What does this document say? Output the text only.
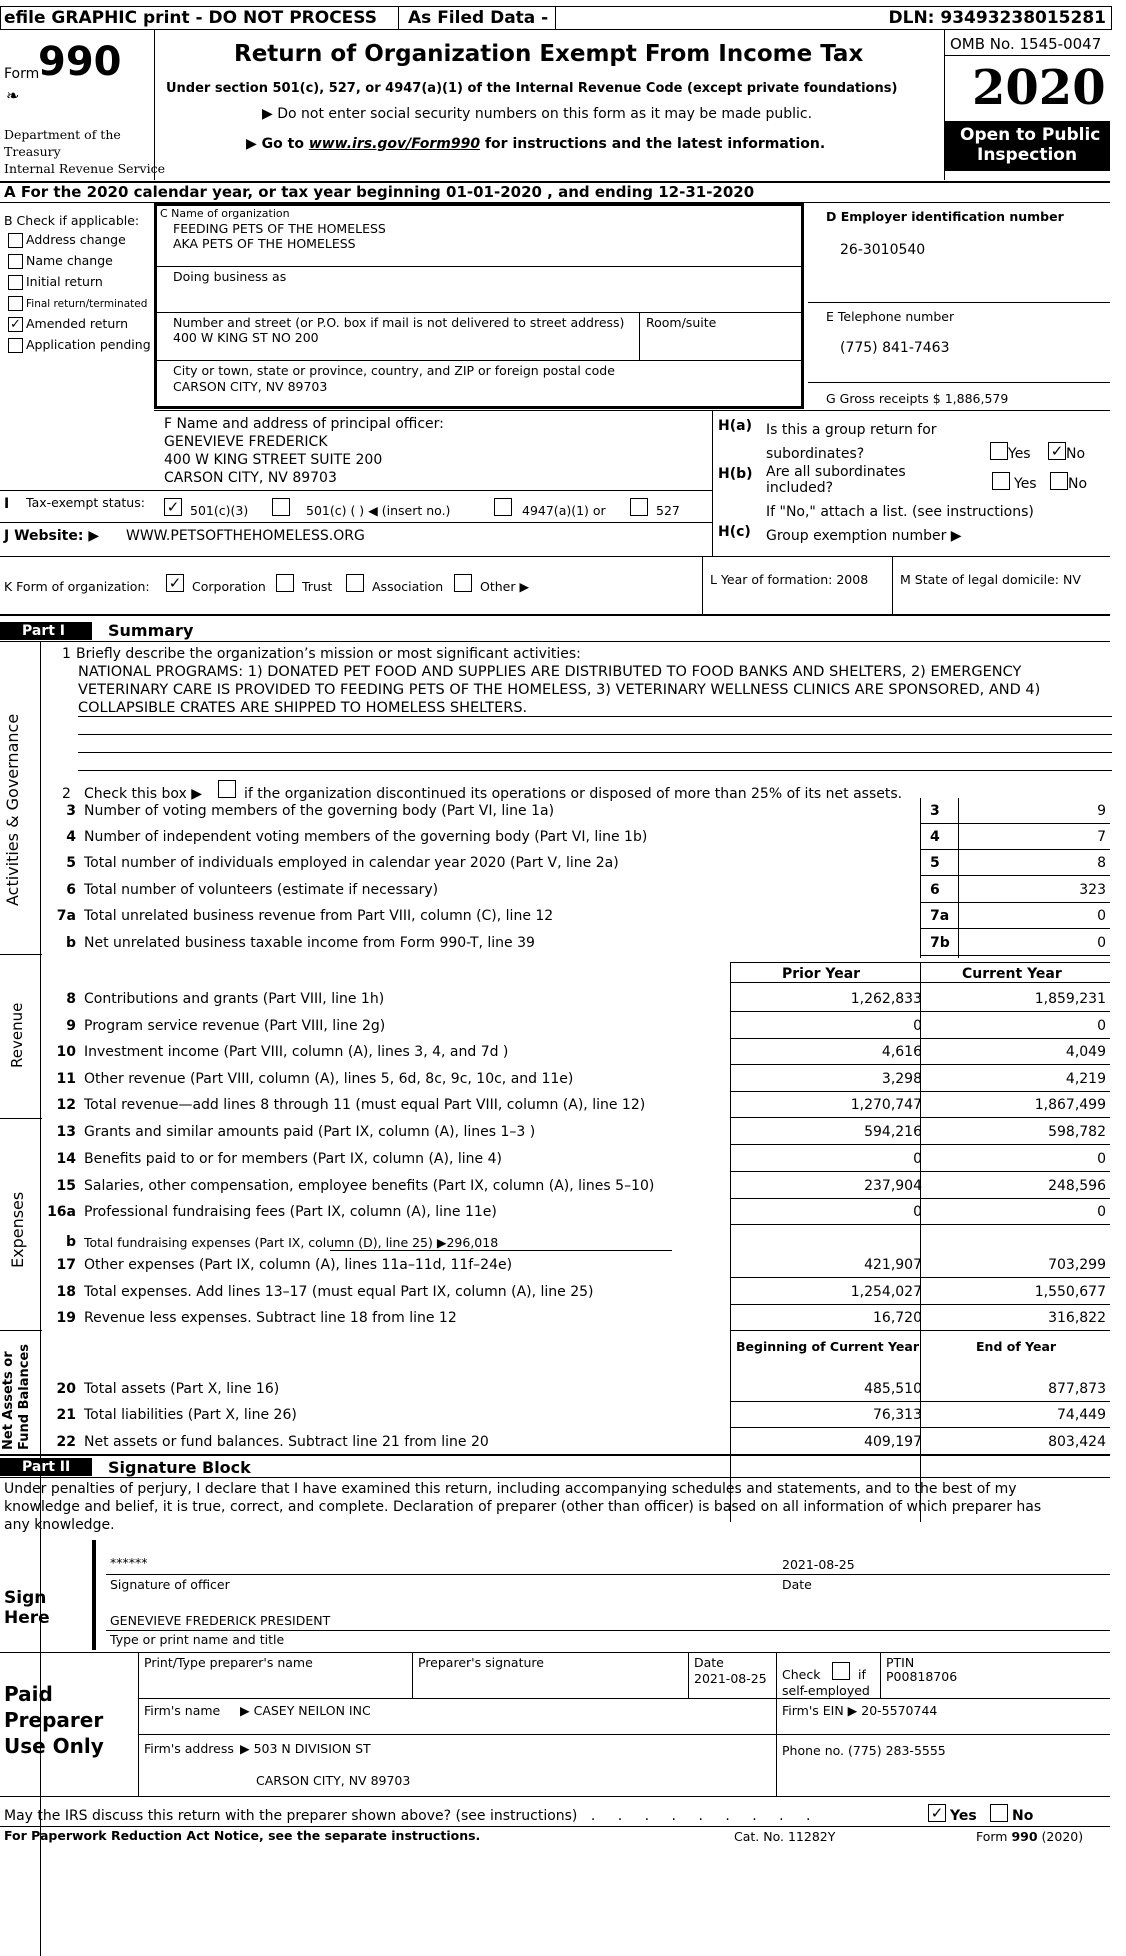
efile GRAPHIC print - DO NOT PROCESS As Filed Data -	DLN: 93493238015281
Form
990
❧
Department of the
Treasury
Internal Revenue Service
Return of Organization Exempt From Income Tax
Under section 501(c), 527, or 4947(a)(1) of the Internal Revenue Code (except private foundations)
▶ Do not enter social security numbers on this form as it may be made public.
▶ Go to www.irs.gov/Form990 for instructions and the latest information.
OMB No. 1545-0047
2020
Open to Public
Inspection
A For the 2020 calendar year, or tax year beginning 01-01-2020 , and ending 12-31-2020
B Check if applicable:
Address change
Name change
Initial return
Final return/terminated
✓ Amended return
Application pending
C Name of organization
FEEDING PETS OF THE HOMELESS
AKA PETS OF THE HOMELESS
Doing business as
Number and street (or P.O. box if mail is not delivered to street address) Room/suite
400 W KING ST NO 200
City or town, state or province, country, and ZIP or foreign postal code
CARSON CITY, NV 89703
D Employer identification number
26-3010540
E Telephone number
(775) 841-7463
G Gross receipts $ 1,886,579
F Name and address of principal officer:
GENEVIEVE FREDERICK
400 W KING STREET SUITE 200
CARSON CITY, NV 89703
H(a) Is this a group return for
subordinates?	Yes ✓ No
H(b) Are all subordinates
included?	Yes No
If "No," attach a list. (see instructions)
H(c) Group exemption number ▶
I Tax-exempt status: ✓ 501(c)(3)	501(c) ( ) ◀ (insert no.)	4947(a)(1) or	527
J Website: ▶ WWW.PETSOFTHEHOMELESS.ORG
K Form of organization: ✓ Corporation	Trust	Association	Other ▶	L Year of formation: 2008	M State of legal domicile: NV
Part I	Summary
Activities & Governance
Revenue
Expenses
Net Assets or Fund Balances
1 Briefly describe the organization’s mission or most significant activities:
NATIONAL PROGRAMS: 1) DONATED PET FOOD AND SUPPLIES ARE DISTRIBUTED TO FOOD BANKS AND SHELTERS, 2) EMERGENCY
VETERINARY CARE IS PROVIDED TO FEEDING PETS OF THE HOMELESS, 3) VETERINARY WELLNESS CLINICS ARE SPONSORED, AND 4)
COLLAPSIBLE CRATES ARE SHIPPED TO HOMELESS SHELTERS.
2 Check this box ▶	if the organization discontinued its operations or disposed of more than 25% of its net assets.
3 Number of voting members of the governing body (Part VI, line 1a)	3	9
4 Number of independent voting members of the governing body (Part VI, line 1b)	4	7
5 Total number of individuals employed in calendar year 2020 (Part V, line 2a)	5	8
6 Total number of volunteers (estimate if necessary)	6	323
7a Total unrelated business revenue from Part VIII, column (C), line 12	7a	0
b Net unrelated business taxable income from Form 990-T, line 39	7b	0
Prior Year	Current Year
8 Contributions and grants (Part VIII, line 1h)	1,262,833	1,859,231
9 Program service revenue (Part VIII, line 2g)	0	0
10 Investment income (Part VIII, column (A), lines 3, 4, and 7d )	4,616	4,049
11 Other revenue (Part VIII, column (A), lines 5, 6d, 8c, 9c, 10c, and 11e)	3,298	4,219
12 Total revenue—add lines 8 through 11 (must equal Part VIII, column (A), line 12)	1,270,747	1,867,499
13 Grants and similar amounts paid (Part IX, column (A), lines 1–3 )	594,216	598,782
14 Benefits paid to or for members (Part IX, column (A), line 4)	0	0
15 Salaries, other compensation, employee benefits (Part IX, column (A), lines 5–10)	237,904	248,596
16a Professional fundraising fees (Part IX, column (A), line 11e)	0	0
17 Other expenses (Part IX, column (A), lines 11a–11d, 11f–24e)	421,907	703,299
18 Total expenses. Add lines 13–17 (must equal Part IX, column (A), line 25)	1,254,027	1,550,677
19 Revenue less expenses. Subtract line 18 from line 12	16,720	316,822
20 Total assets (Part X, line 16)	485,510	877,873
21 Total liabilities (Part X, line 26)	76,313	74,449
22 Net assets or fund balances. Subtract line 21 from line 20	409,197	803,424
b Total fundraising expenses (Part IX, column (D), line 25) ▶296,018
Beginning of Current Year	End of Year
Part II	Signature Block
Under penalties of perjury, I declare that I have examined this return, including accompanying schedules and statements, and to the best of my
knowledge and belief, it is true, correct, and complete. Declaration of preparer (other than officer) is based on all information of which preparer has
any knowledge.
Sign
Here
******	2021-08-25
Signature of officer	Date
GENEVIEVE FREDERICK PRESIDENT
Type or print name and title
Paid
Preparer
Use Only
Print/Type preparer's name	Preparer's signature	Date
2021-08-25 Check	if
self-employed
PTIN
P00818706
Firm's name ▶ CASEY NEILON INC	Firm's EIN ▶ 20-5570744
Firm's address ▶ 503 N DIVISION ST	Phone no. (775) 283-5555
CARSON CITY, NV 89703
May the IRS discuss this return with the preparer shown above? (see instructions) . . . . . . . . .	✓ Yes	No
For Paperwork Reduction Act Notice, see the separate instructions.	Cat. No. 11282Y	Form 990 (2020)
